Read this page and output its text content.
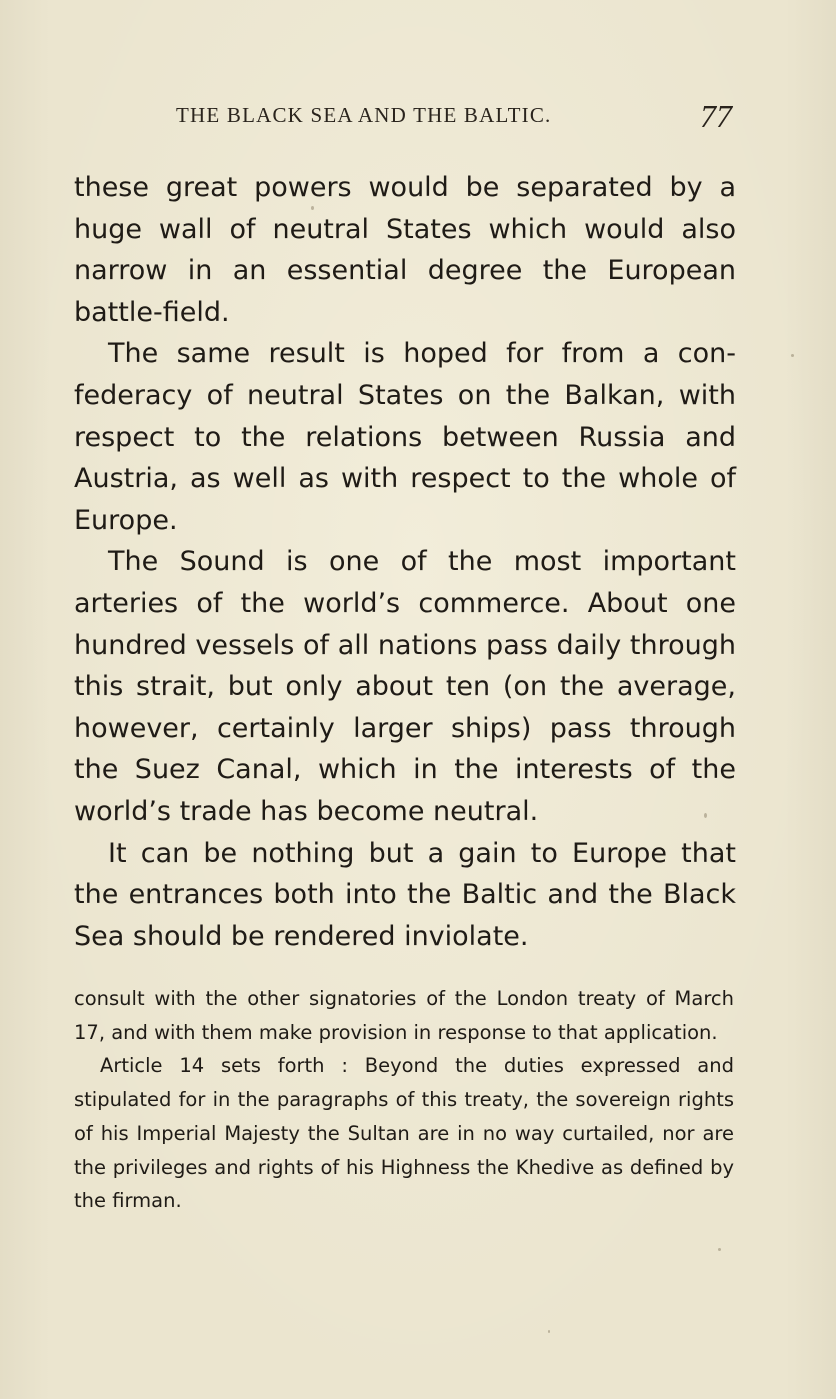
THE BLACK SEA AND THE BALTIC.	77

these great powers would be separated by a huge wall of neutral States which would also narrow in an essential degree the European battle-field.

The same result is hoped for from a con-federacy of neutral States on the Balkan, with respect to the relations between Russia and Austria, as well as with respect to the whole of Europe.

The Sound is one of the most important arteries of the world’s commerce. About one hundred vessels of all nations pass daily through this strait, but only about ten (on the average, however, certainly larger ships) pass through the Suez Canal, which in the interests of the world’s trade has become neutral.

It can be nothing but a gain to Europe that the entrances both into the Baltic and the Black Sea should be rendered inviolate.

consult with the other signatories of the London treaty of March 17, and with them make provision in response to that application.

Article 14 sets forth : Beyond the duties expressed and stipulated for in the paragraphs of this treaty, the sovereign rights of his Imperial Majesty the Sultan are in no way curtailed, nor are the privileges and rights of his Highness the Khedive as defined by the firman.
